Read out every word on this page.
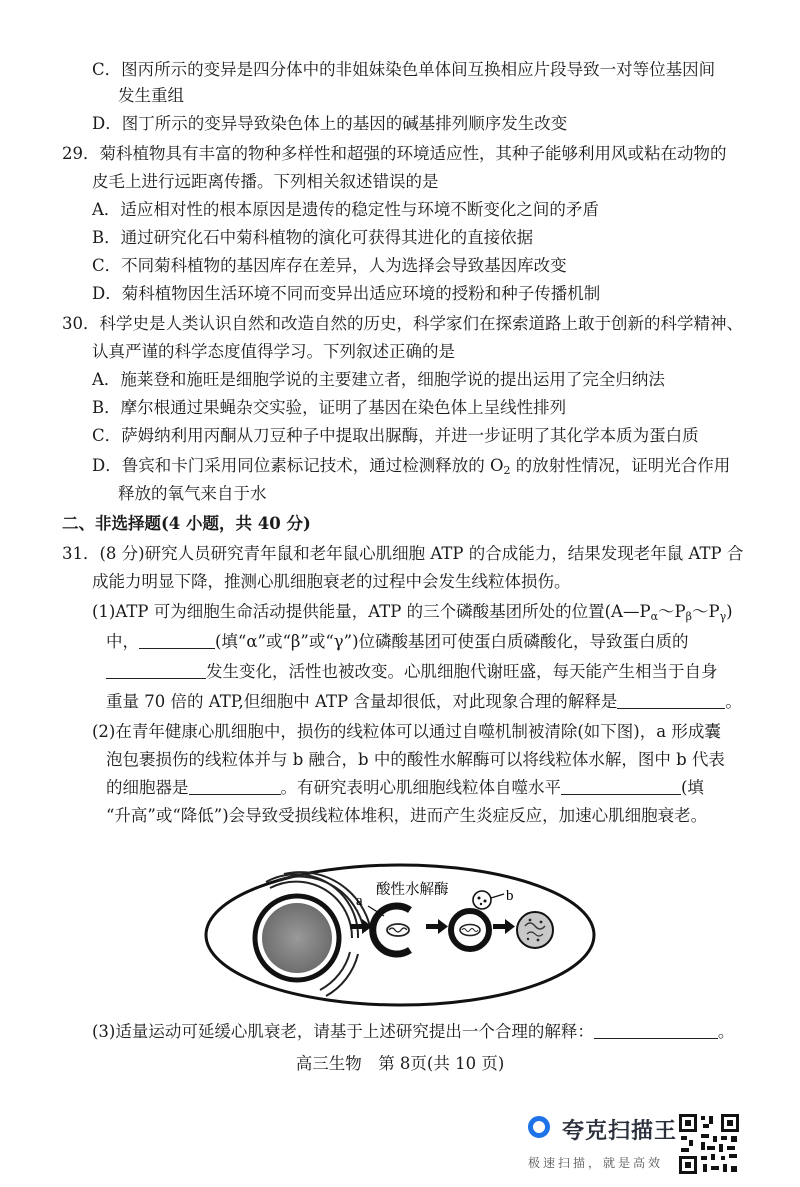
C．图丙所示的变异是四分体中的非姐妹染色单体间互换相应片段导致一对等位基因间
发生重组
D．图丁所示的变异导致染色体上的基因的碱基排列顺序发生改变
29．菊科植物具有丰富的物种多样性和超强的环境适应性，其种子能够利用风或粘在动物的
皮毛上进行远距离传播。下列相关叙述错误的是
A．适应相对性的根本原因是遗传的稳定性与环境不断变化之间的矛盾
B．通过研究化石中菊科植物的演化可获得其进化的直接依据
C．不同菊科植物的基因库存在差异，人为选择会导致基因库改变
D．菊科植物因生活环境不同而变异出适应环境的授粉和种子传播机制
30．科学史是人类认识自然和改造自然的历史，科学家们在探索道路上敢于创新的科学精神、
认真严谨的科学态度值得学习。下列叙述正确的是
A．施莱登和施旺是细胞学说的主要建立者，细胞学说的提出运用了完全归纳法
B．摩尔根通过果蝇杂交实验，证明了基因在染色体上呈线性排列
C．萨姆纳利用丙酮从刀豆种子中提取出脲酶，并进一步证明了其化学本质为蛋白质
D．鲁宾和卡门采用同位素标记技术，通过检测释放的 $O_2$ 的放射性情况，证明光合作用
释放的氧气来自于水
二、非选择题(4 小题，共 40 分)
31．(8 分)研究人员研究青年鼠和老年鼠心肌细胞 ATP 的合成能力，结果发现老年鼠 ATP 合
成能力明显下降，推测心肌细胞衰老的过程中会发生线粒体损伤。
(1)ATP 可为细胞生命活动提供能量，ATP 的三个磷酸基团所处的位置$(A—P_\alpha\sim P_\beta\sim P_\gamma)$
中，	(填“α”或“β”或“γ”)位磷酸基团可使蛋白质磷酸化，导致蛋白质的
发生变化，活性也被改变。心肌细胞代谢旺盛，每天能产生相当于自身
重量 70 倍的 ATP,但细胞中 ATP 含量却很低，对此现象合理的解释是	。
(2)在青年健康心肌细胞中，损伤的线粒体可以通过自噬机制被清除(如下图)，a 形成囊
泡包裹损伤的线粒体并与 b 融合，b 中的酸性水解酶可以将线粒体水解，图中 b 代表
的细胞器是	。有研究表明心肌细胞线粒体自噬水平	(填
“升高”或“降低”)会导致受损线粒体堆积，进而产生炎症反应，加速心肌细胞衰老。
a	b
酸性水解酶
(3)适量运动可延缓心肌衰老，请基于上述研究提出一个合理的解释：	。
高三生物　第 8页(共 10 页)
夸克扫描王
极速扫描，就是高效
